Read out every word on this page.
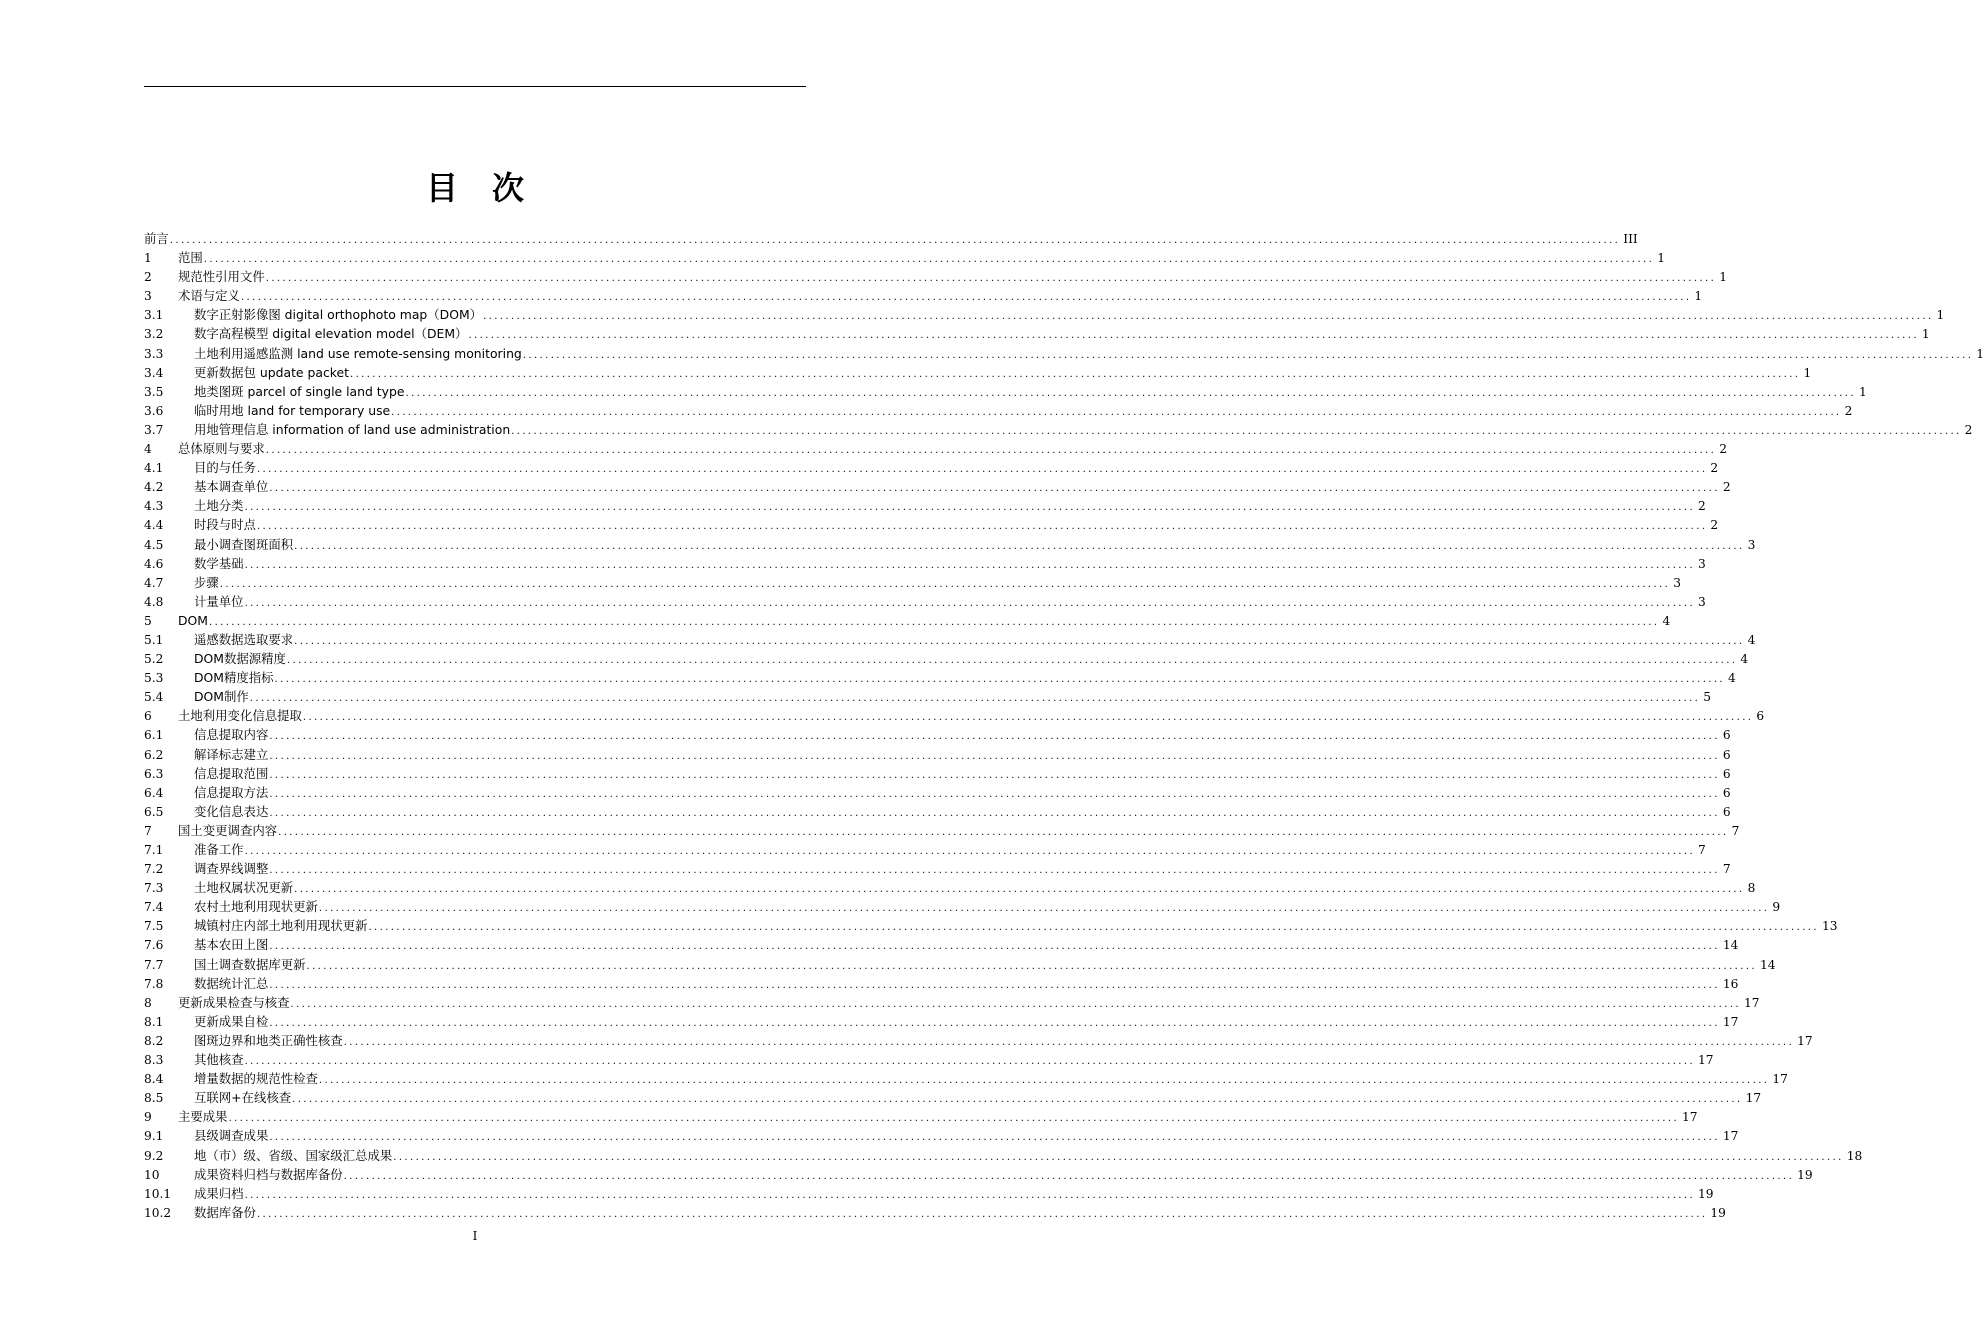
目次
前言 .................................................................................................................................................................................................................................................................... III
1	范围 .................................................................................................................................................................................................................................................................... 1
2	规范性引用文件 .................................................................................................................................................................................................................................................................... 1
3	术语与定义 .................................................................................................................................................................................................................................................................... 1
3.1	数字正射影像图 digital orthophoto map（DOM） .................................................................................................................................................................................................................................................................... 1
3.2	数字高程模型 digital elevation model（DEM） .................................................................................................................................................................................................................................................................... 1
3.3	土地利用遥感监测 land use remote-sensing monitoring .................................................................................................................................................................................................................................................................... 1
3.4	更新数据包 update packet .................................................................................................................................................................................................................................................................... 1
3.5	地类图斑 parcel of single land type .................................................................................................................................................................................................................................................................... 1
3.6	临时用地 land for temporary use .................................................................................................................................................................................................................................................................... 2
3.7	用地管理信息 information of land use administration .................................................................................................................................................................................................................................................................... 2
4	总体原则与要求 .................................................................................................................................................................................................................................................................... 2
4.1	目的与任务 .................................................................................................................................................................................................................................................................... 2
4.2	基本调查单位 .................................................................................................................................................................................................................................................................... 2
4.3	土地分类 .................................................................................................................................................................................................................................................................... 2
4.4	时段与时点 .................................................................................................................................................................................................................................................................... 2
4.5	最小调查图斑面积 .................................................................................................................................................................................................................................................................... 3
4.6	数学基础 .................................................................................................................................................................................................................................................................... 3
4.7	步骤 .................................................................................................................................................................................................................................................................... 3
4.8	计量单位 .................................................................................................................................................................................................................................................................... 3
5	DOM .................................................................................................................................................................................................................................................................... 4
5.1	遥感数据选取要求 .................................................................................................................................................................................................................................................................... 4
5.2	DOM数据源精度 .................................................................................................................................................................................................................................................................... 4
5.3	DOM精度指标 .................................................................................................................................................................................................................................................................... 4
5.4	DOM制作 .................................................................................................................................................................................................................................................................... 5
6	土地利用变化信息提取 .................................................................................................................................................................................................................................................................... 6
6.1	信息提取内容 .................................................................................................................................................................................................................................................................... 6
6.2	解译标志建立 .................................................................................................................................................................................................................................................................... 6
6.3	信息提取范围 .................................................................................................................................................................................................................................................................... 6
6.4	信息提取方法 .................................................................................................................................................................................................................................................................... 6
6.5	变化信息表达 .................................................................................................................................................................................................................................................................... 6
7	国土变更调查内容 .................................................................................................................................................................................................................................................................... 7
7.1	准备工作 .................................................................................................................................................................................................................................................................... 7
7.2	调查界线调整 .................................................................................................................................................................................................................................................................... 7
7.3	土地权属状况更新 .................................................................................................................................................................................................................................................................... 8
7.4	农村土地利用现状更新 .................................................................................................................................................................................................................................................................... 9
7.5	城镇村庄内部土地利用现状更新 .................................................................................................................................................................................................................................................................... 13
7.6	基本农田上图 .................................................................................................................................................................................................................................................................... 14
7.7	国土调查数据库更新 .................................................................................................................................................................................................................................................................... 14
7.8	数据统计汇总 .................................................................................................................................................................................................................................................................... 16
8	更新成果检查与核查 .................................................................................................................................................................................................................................................................... 17
8.1	更新成果自检 .................................................................................................................................................................................................................................................................... 17
8.2	图斑边界和地类正确性核查 .................................................................................................................................................................................................................................................................... 17
8.3	其他核查 .................................................................................................................................................................................................................................................................... 17
8.4	增量数据的规范性检查 .................................................................................................................................................................................................................................................................... 17
8.5	互联网+在线核查 .................................................................................................................................................................................................................................................................... 17
9	主要成果 .................................................................................................................................................................................................................................................................... 17
9.1	县级调查成果 .................................................................................................................................................................................................................................................................... 17
9.2	地（市）级、省级、国家级汇总成果 .................................................................................................................................................................................................................................................................... 18
10	成果资料归档与数据库备份 .................................................................................................................................................................................................................................................................... 19
10.1	成果归档 .................................................................................................................................................................................................................................................................... 19
10.2	数据库备份 .................................................................................................................................................................................................................................................................... 19
I
